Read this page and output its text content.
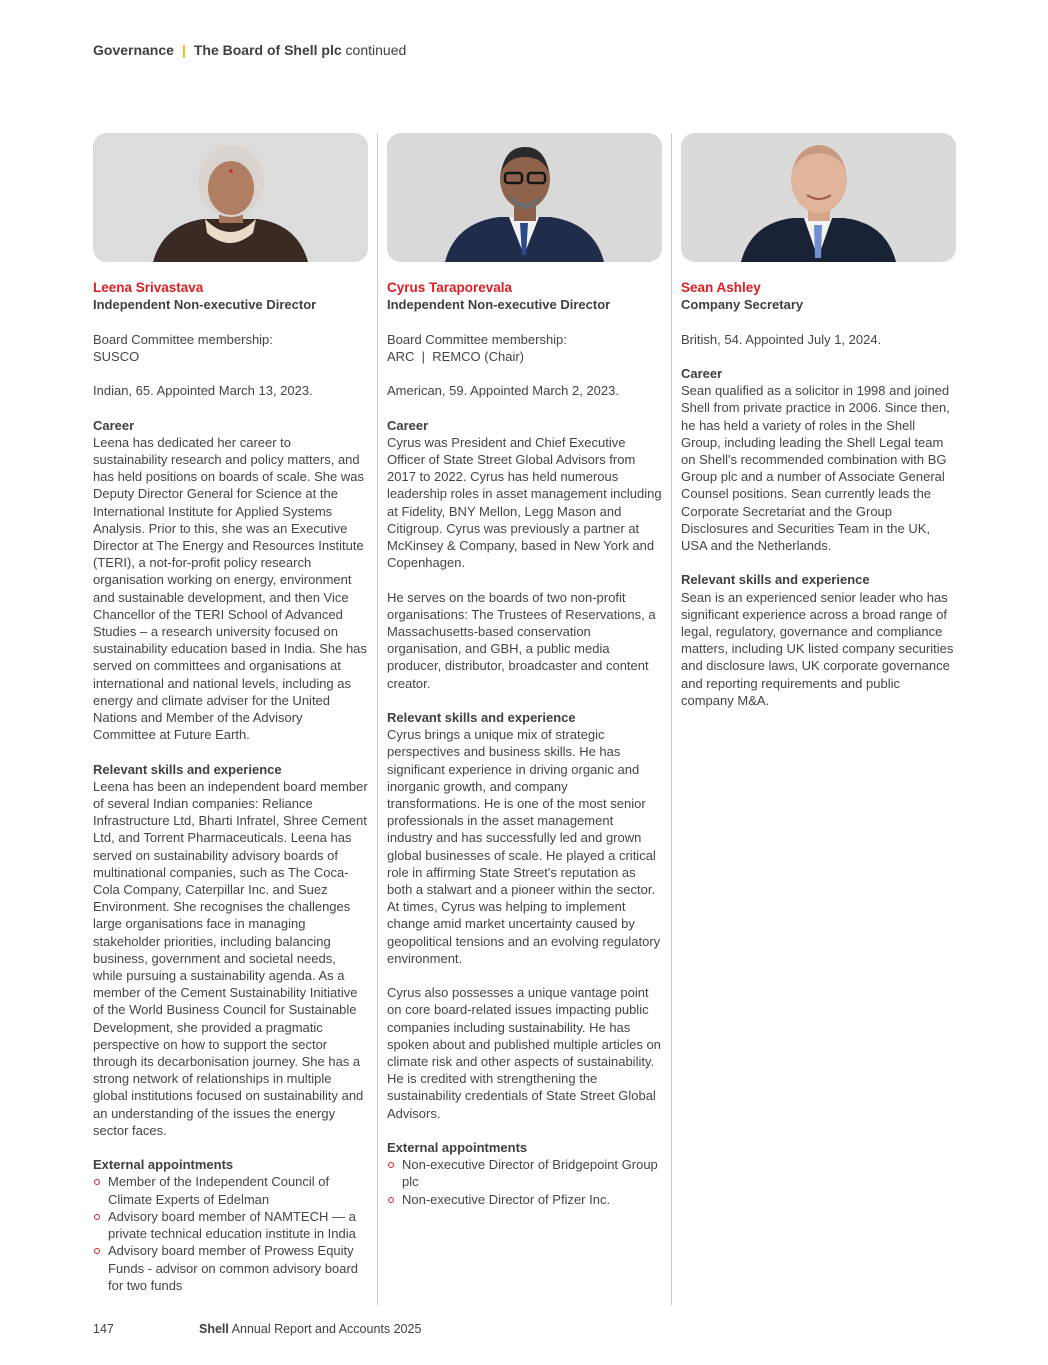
Governance | The Board of Shell plc continued
Leena Srivastava
Independent Non-executive Director

Board Committee membership:

SUSCO

Indian, 65. Appointed March 13, 2023.

Career

Leena has dedicated her career to sustainability research and policy matters, and has held positions on boards of scale. She was Deputy Director General for Science at the International Institute for Applied Systems Analysis. Prior to this, she was an Executive Director at The Energy and Resources Institute (TERI), a not-for-profit policy research organisation working on energy, environment and sustainable development, and then Vice Chancellor of the TERI School of Advanced Studies – a research university focused on sustainability education based in India. She has served on committees and organisations at international and national levels, including as energy and climate adviser for the United Nations and Member of the Advisory Committee at Future Earth.

Relevant skills and experience

Leena has been an independent board member of several Indian companies: Reliance Infrastructure Ltd, Bharti Infratel, Shree Cement Ltd, and Torrent Pharmaceuticals. Leena has served on sustainability advisory boards of multinational companies, such as The Coca-Cola Company, Caterpillar Inc. and Suez Environment. She recognises the challenges large organisations face in managing stakeholder priorities, including balancing business, government and societal needs, while pursuing a sustainability agenda. As a member of the Cement Sustainability Initiative of the World Business Council for Sustainable Development, she provided a pragmatic perspective on how to support the sector through its decarbonisation journey. She has a strong network of relationships in multiple global institutions focused on sustainability and an understanding of the issues the energy sector faces.

External appointments
Member of the Independent Council of Climate Experts of Edelman
Advisory board member of NAMTECH — a private technical education institute in India
Advisory board member of Prowess Equity Funds - advisor on common advisory board for two funds
Cyrus Taraporevala
Independent Non-executive Director

Board Committee membership:

ARC  |  REMCO (Chair)

American, 59. Appointed March 2, 2023.

Career

Cyrus was President and Chief Executive Officer of State Street Global Advisors from 2017 to 2022. Cyrus has held numerous leadership roles in asset management including at Fidelity, BNY Mellon, Legg Mason and Citigroup. Cyrus was previously a partner at McKinsey & Company, based in New York and Copenhagen.

He serves on the boards of two non-profit organisations: The Trustees of Reservations, a Massachusetts-based conservation organisation, and GBH, a public media producer, distributor, broadcaster and content creator.

Relevant skills and experience

Cyrus brings a unique mix of strategic perspectives and business skills. He has significant experience in driving organic and inorganic growth, and company transformations. He is one of the most senior professionals in the asset management industry and has successfully led and grown global businesses of scale. He played a critical role in affirming State Street's reputation as both a stalwart and a pioneer within the sector. At times, Cyrus was helping to implement change amid market uncertainty caused by geopolitical tensions and an evolving regulatory environment.

Cyrus also possesses a unique vantage point on core board-related issues impacting public companies including sustainability. He has spoken about and published multiple articles on climate risk and other aspects of sustainability. He is credited with strengthening the sustainability credentials of State Street Global Advisors.

External appointments
Non-executive Director of Bridgepoint Group plc
Non-executive Director of Pfizer Inc.
Sean Ashley
Company Secretary

British, 54. Appointed July 1, 2024.

Career

Sean qualified as a solicitor in 1998 and joined Shell from private practice in 2006. Since then, he has held a variety of roles in the Shell Group, including leading the Shell Legal team on Shell's recommended combination with BG Group plc and a number of Associate General Counsel positions. Sean currently leads the Corporate Secretariat and the Group Disclosures and Securities Team in the UK, USA and the Netherlands.

Relevant skills and experience

Sean is an experienced senior leader who has significant experience across a broad range of legal, regulatory, governance and compliance matters, including UK listed company securities and disclosure laws, UK corporate governance and reporting requirements and public company M&A.

147	Shell Annual Report and Accounts 2025
